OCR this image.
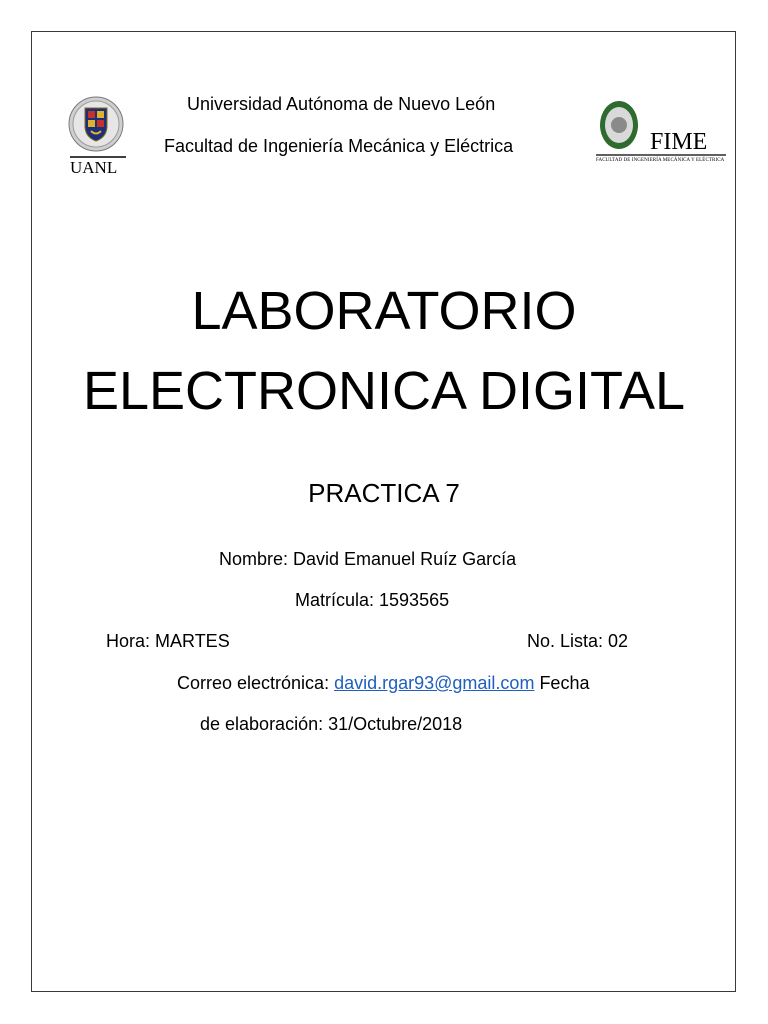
UANL
Universidad Autónoma de Nuevo León
Facultad de Ingeniería Mecánica y Eléctrica	FIME
FACULTAD DE INGENIERÍA MECÁNICA Y ELÉCTRICA
LABORATORIO
ELECTRONICA DIGITAL
PRACTICA 7
Nombre: David Emanuel Ruíz García
Matrícula: 1593565
Hora: MARTES	No. Lista: 02
Correo electrónica: david.rgar93@gmail.com Fecha
de elaboración: 31/Octubre/2018
